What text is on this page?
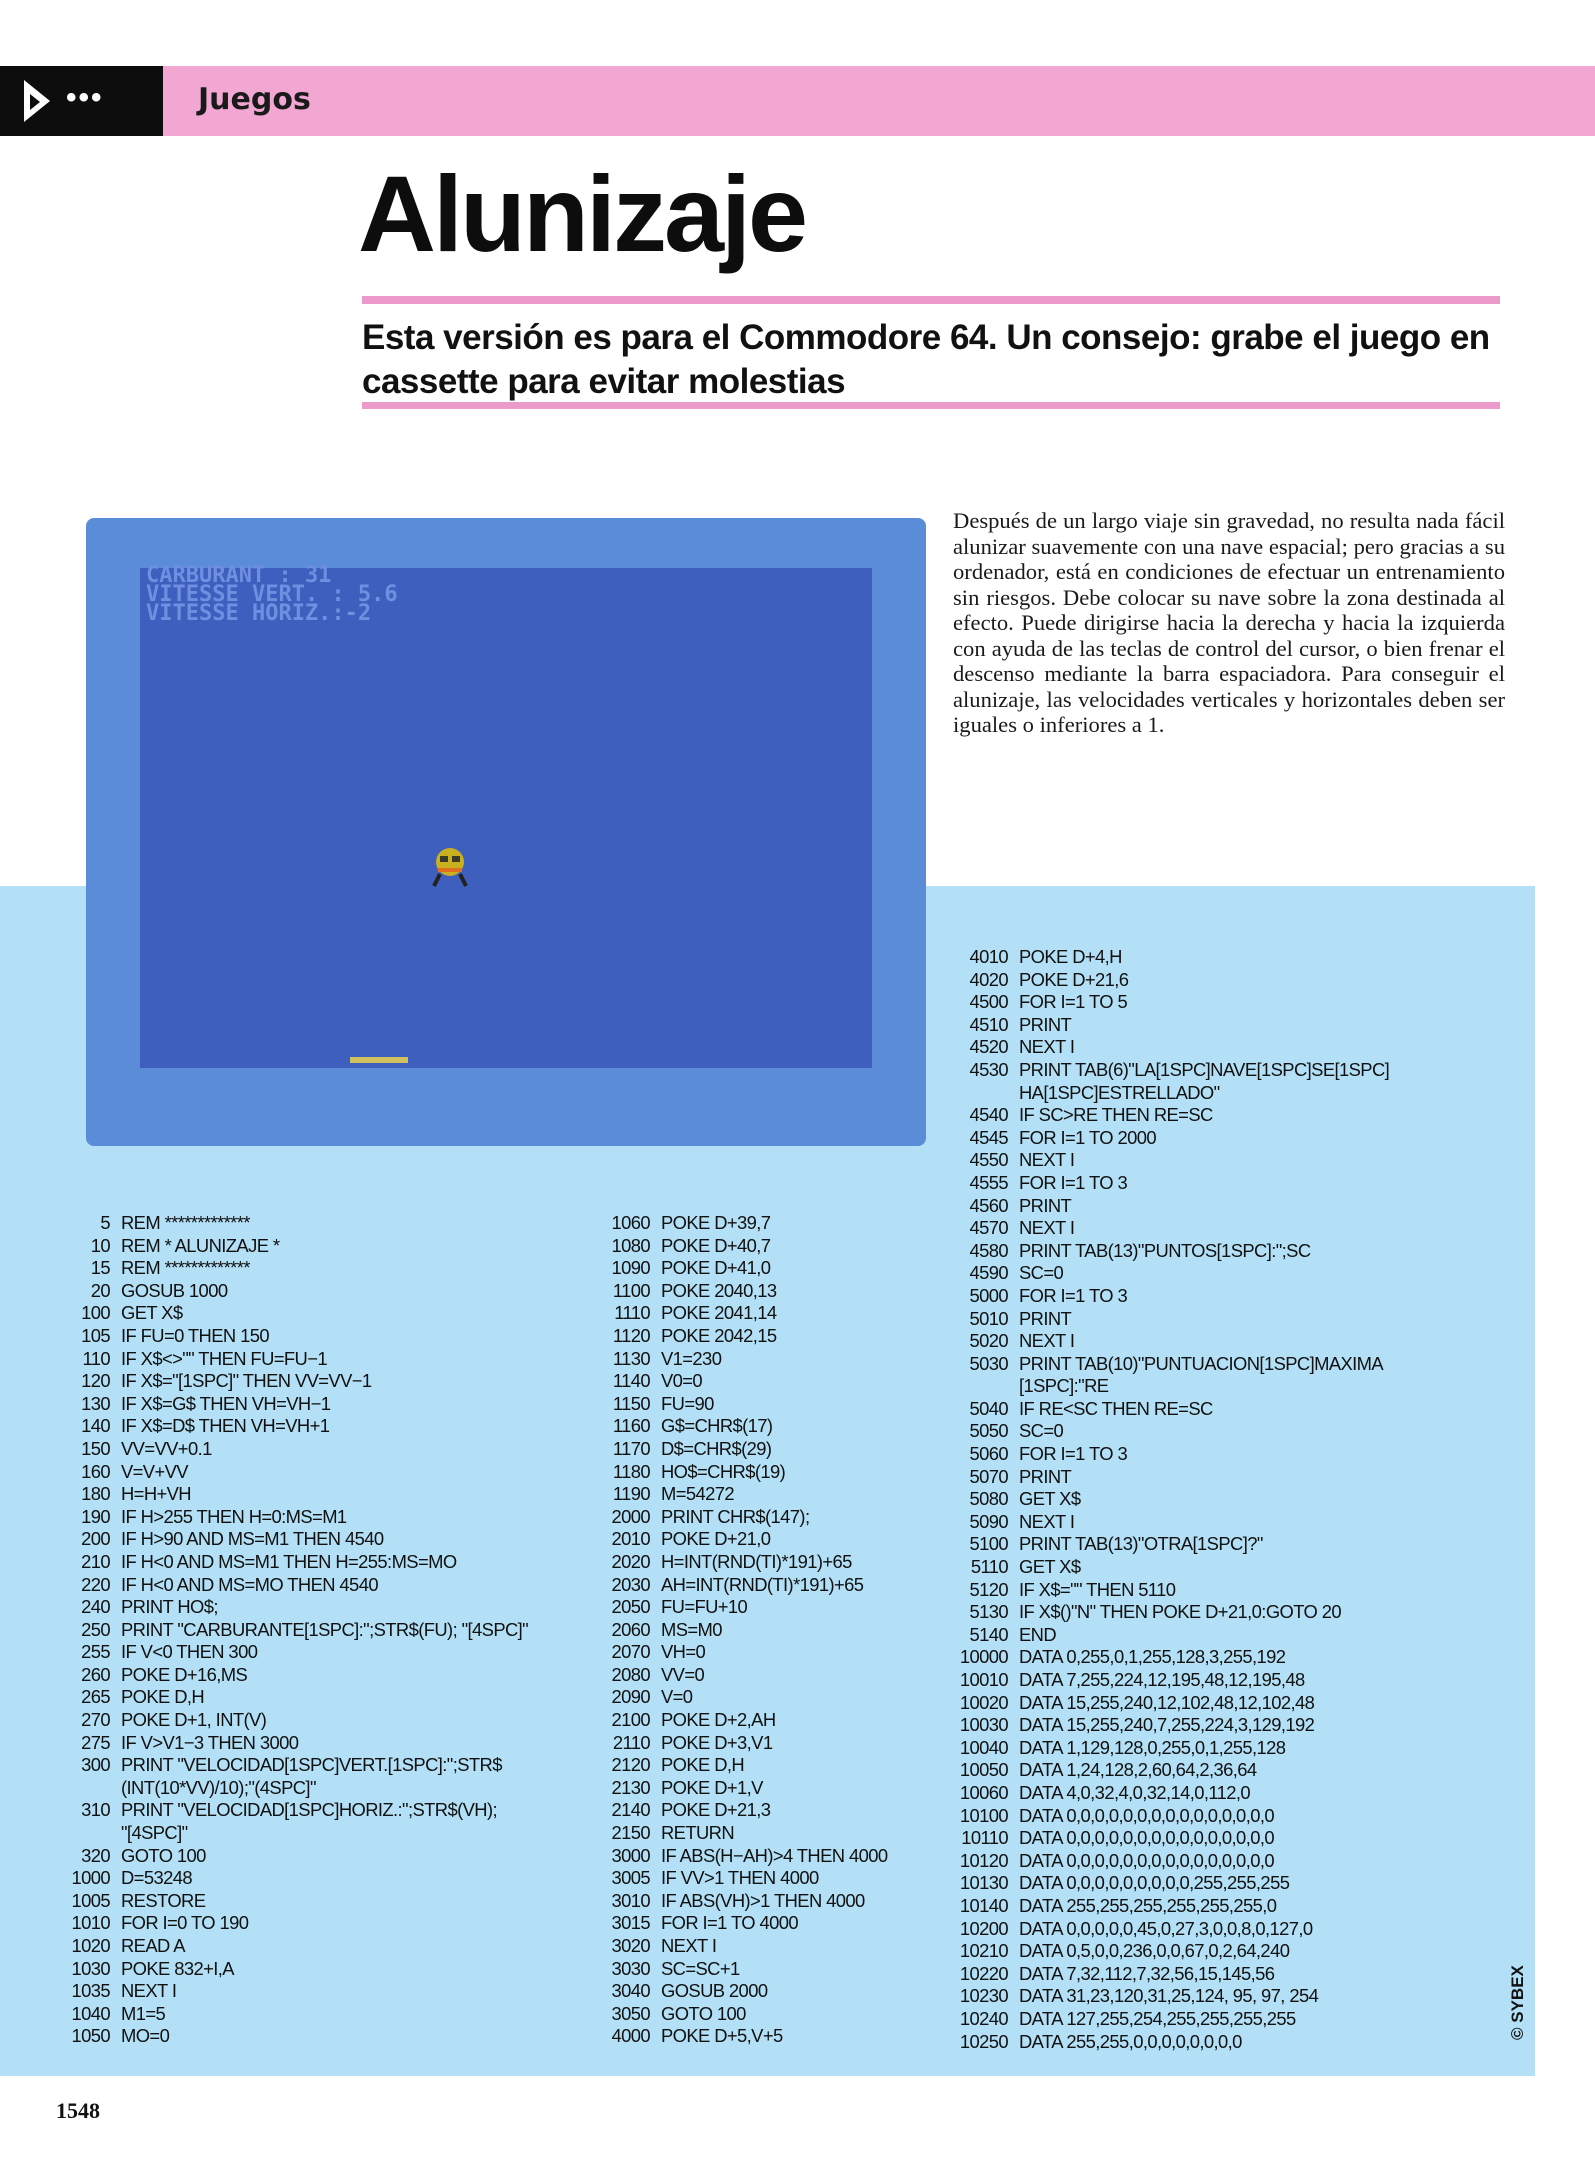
•••	Juegos
Alunizaje
Esta versión es para el Commodore 64. Un consejo: grabe el juego en cassette para evitar molestias

Después de un largo viaje sin gravedad, no resulta nada fácil alunizar suavemente con una nave espacial; pero gracias a su ordenador, está en condiciones de efectuar un entrenamiento sin riesgos. Debe colocar su nave sobre la zona destinada al efecto. Puede dirigirse hacia la derecha y hacia la izquierda con ayuda de las teclas de control del cursor, o bien frenar el descenso mediante la barra espaciadora. Para conseguir el alunizaje, las velocidades verticales y horizontales deben ser iguales o inferiores a 1.

CARBURANT : 31
VITESSE VERT. : 5.6
VITESSE HORIZ.:-2
5 REM *************
10 REM * ALUNIZAJE *
15 REM *************
20 GOSUB 1000
100 GET X$
105 IF FU=0 THEN 150
110 IF X$<>"" THEN FU=FU−1
120 IF X$="[1SPC]" THEN VV=VV−1
130 IF X$=G$ THEN VH=VH−1
140 IF X$=D$ THEN VH=VH+1
150 VV=VV+0.1
160 V=V+VV
180 H=H+VH
190 IF H>255 THEN H=0:MS=M1
200 IF H>90 AND MS=M1 THEN 4540
210 IF H<0 AND MS=M1 THEN H=255:MS=MO
220 IF H<0 AND MS=MO THEN 4540
240 PRINT HO$;
250 PRINT "CARBURANTE[1SPC]:";STR$(FU); "[4SPC]"
255 IF V<0 THEN 300
260 POKE D+16,MS
265 POKE D,H
270 POKE D+1, INT(V)
275 IF V>V1−3 THEN 3000
300 PRINT "VELOCIDAD[1SPC]VERT.[1SPC]:";STR$
(INT(10*VV)/10);"(4SPC]"
310 PRINT "VELOCIDAD[1SPC]HORIZ.:";STR$(VH);
"[4SPC]"
320 GOTO 100
1000 D=53248
1005 RESTORE
1010 FOR I=0 TO 190
1020 READ A
1030 POKE 832+I,A
1035 NEXT I
1040 M1=5
1050 MO=0
1060 POKE D+39,7
1080 POKE D+40,7
1090 POKE D+41,0
1100 POKE 2040,13
1110 POKE 2041,14
1120 POKE 2042,15
1130 V1=230
1140 V0=0
1150 FU=90
1160 G$=CHR$(17)
1170 D$=CHR$(29)
1180 HO$=CHR$(19)
1190 M=54272
2000 PRINT CHR$(147);
2010 POKE D+21,0
2020 H=INT(RND(TI)*191)+65
2030 AH=INT(RND(TI)*191)+65
2050 FU=FU+10
2060 MS=M0
2070 VH=0
2080 VV=0
2090 V=0
2100 POKE D+2,AH
2110 POKE D+3,V1
2120 POKE D,H
2130 POKE D+1,V
2140 POKE D+21,3
2150 RETURN
3000 IF ABS(H−AH)>4 THEN 4000
3005 IF VV>1 THEN 4000
3010 IF ABS(VH)>1 THEN 4000
3015 FOR I=1 TO 4000
3020 NEXT I
3030 SC=SC+1
3040 GOSUB 2000
3050 GOTO 100
4000 POKE D+5,V+5
4010 POKE D+4,H
4020 POKE D+21,6
4500 FOR I=1 TO 5
4510 PRINT
4520 NEXT I
4530 PRINT TAB(6)"LA[1SPC]NAVE[1SPC]SE[1SPC]
HA[1SPC]ESTRELLADO"
4540 IF SC>RE THEN RE=SC
4545 FOR I=1 TO 2000
4550 NEXT I
4555 FOR I=1 TO 3
4560 PRINT
4570 NEXT I
4580 PRINT TAB(13)"PUNTOS[1SPC]:";SC
4590 SC=0
5000 FOR I=1 TO 3
5010 PRINT
5020 NEXT I
5030 PRINT TAB(10)"PUNTUACION[1SPC]MAXIMA
[1SPC]:"RE
5040 IF RE<SC THEN RE=SC
5050 SC=0
5060 FOR I=1 TO 3
5070 PRINT
5080 GET X$
5090 NEXT I
5100 PRINT TAB(13)"OTRA[1SPC]?"
5110 GET X$
5120 IF X$="" THEN 5110
5130 IF X$()"N" THEN POKE D+21,0:GOTO 20
5140 END
10000 DATA 0,255,0,1,255,128,3,255,192
10010 DATA 7,255,224,12,195,48,12,195,48
10020 DATA 15,255,240,12,102,48,12,102,48
10030 DATA 15,255,240,7,255,224,3,129,192
10040 DATA 1,129,128,0,255,0,1,255,128
10050 DATA 1,24,128,2,60,64,2,36,64
10060 DATA 4,0,32,4,0,32,14,0,112,0
10100 DATA 0,0,0,0,0,0,0,0,0,0,0,0,0,0,0
10110 DATA 0,0,0,0,0,0,0,0,0,0,0,0,0,0,0
10120 DATA 0,0,0,0,0,0,0,0,0,0,0,0,0,0,0
10130 DATA 0,0,0,0,0,0,0,0,0,255,255,255
10140 DATA 255,255,255,255,255,255,0
10200 DATA 0,0,0,0,0,45,0,27,3,0,0,8,0,127,0
10210 DATA 0,5,0,0,236,0,0,67,0,2,64,240
10220 DATA 7,32,112,7,32,56,15,145,56
10230 DATA 31,23,120,31,25,124, 95, 97, 254
10240 DATA 127,255,254,255,255,255,255
10250 DATA 255,255,0,0,0,0,0,0,0,0
© SYBEX
1548
